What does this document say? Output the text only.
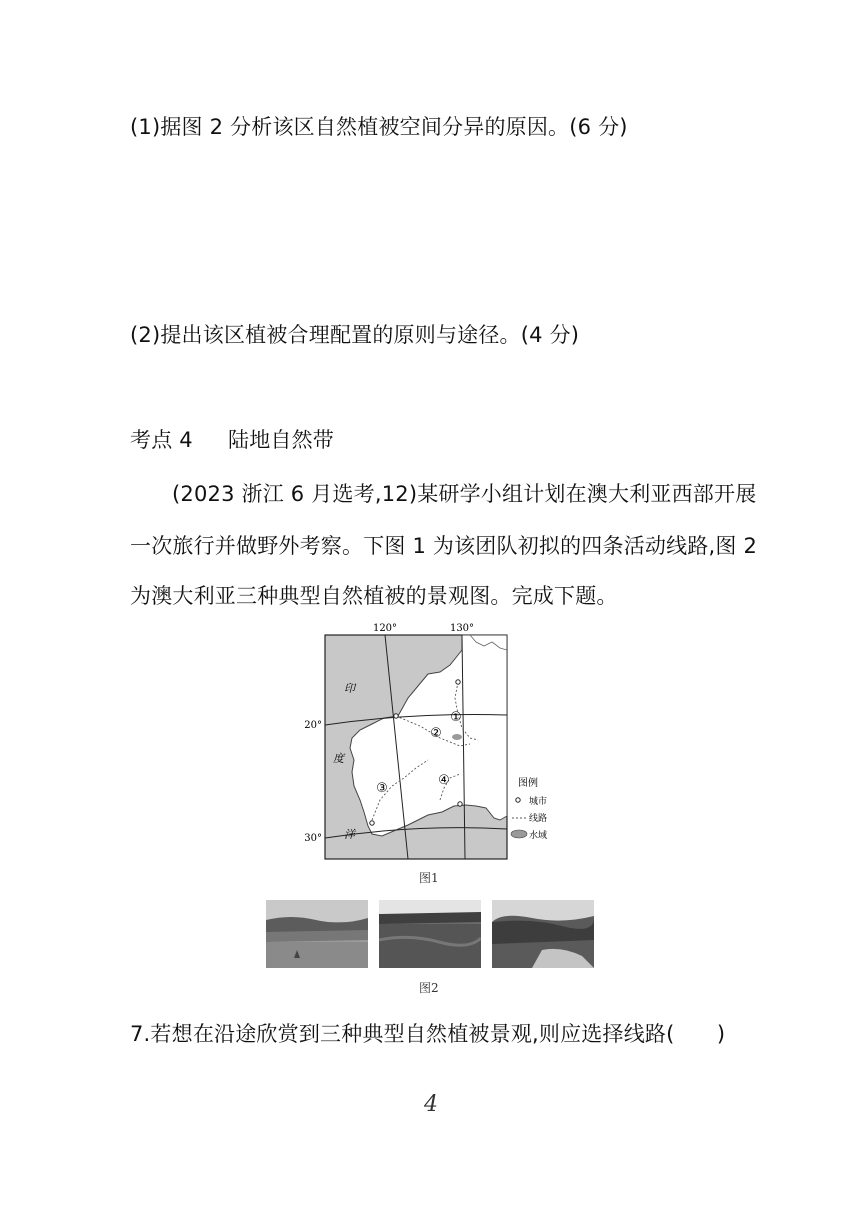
(1)据图 2 分析该区自然植被空间分异的原因。(6 分)
(2)提出该区植被合理配置的原则与途径。(4 分)
考点 4 陆地自然带
(2023 浙江 6 月选考,12)某研学小组计划在澳大利亚西部开展
一次旅行并做野外考察。下图 1 为该团队初拟的四条活动线路,图 2
为澳大利亚三种典型自然植被的景观图。完成下题。
120°	130°
20°
30°
印
度
洋
①
②
③
④	图例
城市
线路
水域
图1
图2
7.若想在沿途欣赏到三种典型自然植被景观,则应选择线路(　　)
4
